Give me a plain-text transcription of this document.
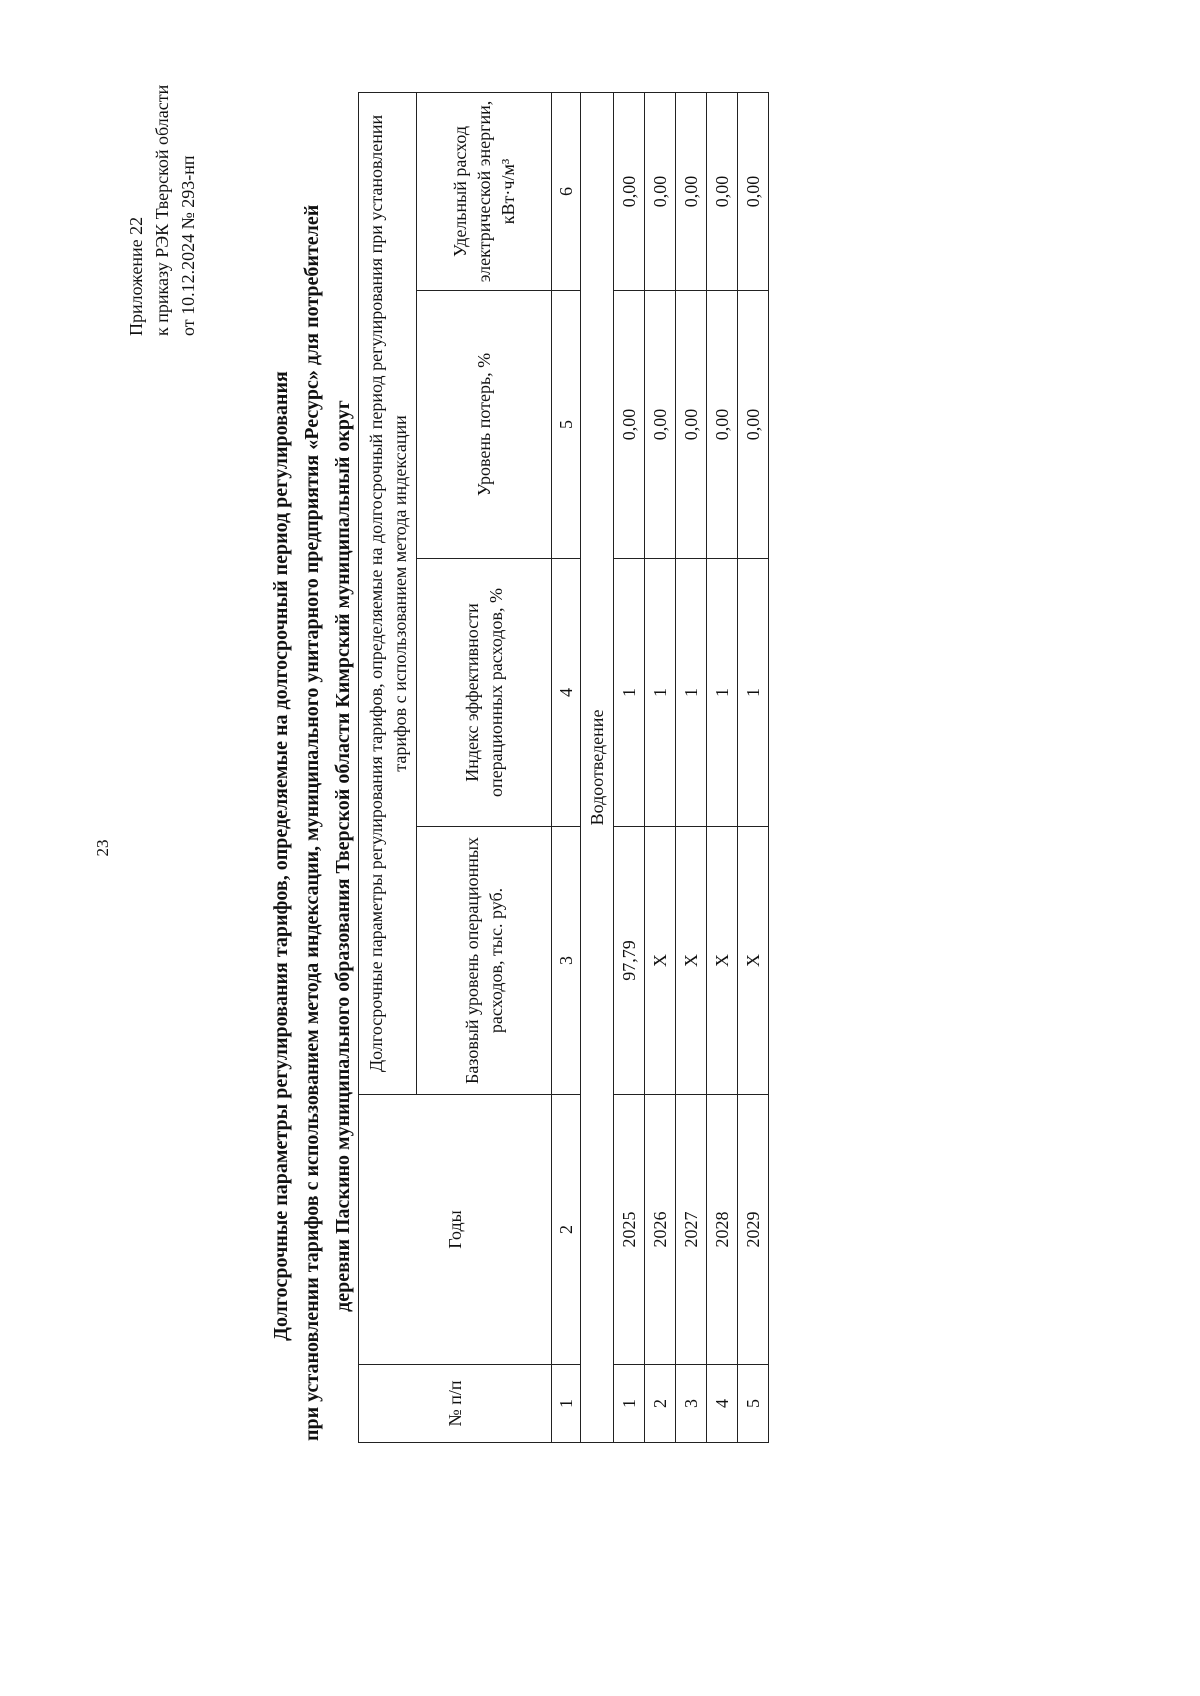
23
Приложение 22 к приказу РЭК Тверской области от 10.12.2024 № 293-нп
Долгосрочные параметры регулирования тарифов, определяемые на долгосрочный период регулирования при установлении тарифов с использованием метода индексации, муниципального унитарного предприятия «Ресурс» для потребителей деревни Паскино муниципального образования Тверской области Кимрский муниципальный округ
№ п/п	Годы	Долгосрочные параметры регулирования тарифов, определяемые на долгосрочный период регулирования при установлении тарифов с использованием метода индексации			
		Базовый уровень операционных расходов, тыс. руб.	Индекс эффективности операционных расходов, %	Уровень потерь, %	Удельный расход электрической энергии, кВт·ч/м³
1	2	3	4	5	6
Водоотведение					
1	2025	97,79	1	0,00	0,00
2	2026	X	1	0,00	0,00
3	2027	X	1	0,00	0,00
4	2028	X	1	0,00	0,00
5	2029	X	1	0,00	0,00
